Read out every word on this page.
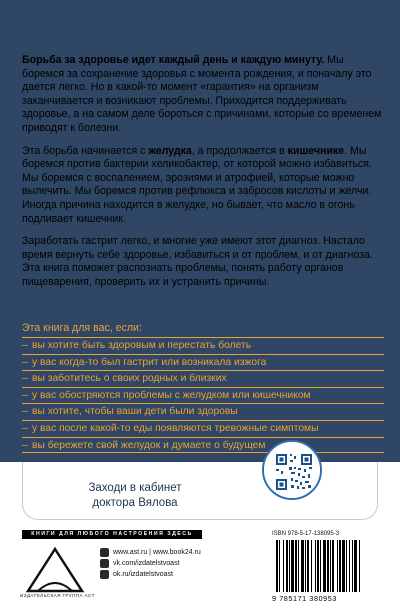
Борьба за здоровье идет каждый день и каждую минуту. Мы боремся за сохранение здоровья с момента рождения, и поначалу это дается легко. Но в какой-то момент «гарантия» на организм заканчивается и возникают проблемы. Приходится поддерживать здоровье, а на самом деле бороться с причинами, которые со временем приводят к болезни.

Эта борьба начинается с желудка, а продолжается в кишечнике. Мы боремся против бактерии хеликобактер, от которой можно избавиться. Мы боремся с воспалением, эрозиями и атрофией, которые можно вылечить. Мы боремся против рефлюкса и забросов кислоты и желчи. Иногда причина находится в желудке, но бывает, что масло в огонь подливает кишечник.

Заработать гастрит легко, и многие уже имеют этот диагноз. Настало время вернуть себе здоровье, избавиться и от проблем, и от диагноза. Эта книга поможет распознать проблемы, понять работу органов пищеварения, проверить их и устранить причины.

Эта книга для вас, если:
– вы хотите быть здоровым и перестать болеть
– у вас когда-то был гастрит или возникала изжога
– вы заботитесь о своих родных и близких
– у вас обостряются проблемы с желудком или кишечником
– вы хотите, чтобы ваши дети были здоровы
– у вас после какой-то еды появляются тревожные симптомы
– вы бережете свой желудок и думаете о будущем
Заходи в кабинет
доктора Вялова
КНИГИ ДЛЯ ЛЮБОГО НАСТРОЕНИЯ ЗДЕСЬ
ИЗДАТЕЛЬСКАЯ ГРУППА АСТ
www.ast.ru | www.book24.ru
vk.com/izdatelstvoast
ok.ru/izdatelstvoast
ISBN 978-5-17-138095-3
9 785171 380953
